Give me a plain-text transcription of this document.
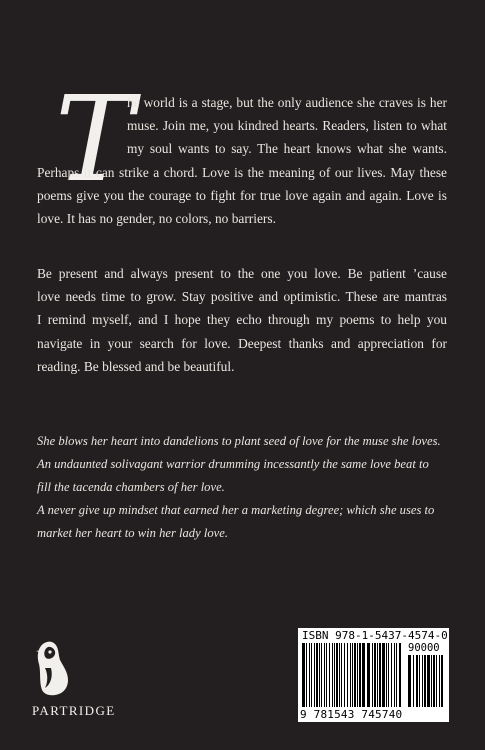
T
he world is a stage, but the only audience she craves is her
muse. Join me, you kindred hearts. Readers, listen to what
my soul wants to say. The heart knows what she wants.
Perhaps it can strike a chord. Love is the meaning of our lives. May these
poems give you the courage to fight for true love again and again. Love is
love. It has no gender, no colors, no barriers.
Be present and always present to the one you love. Be patient ’cause
love needs time to grow. Stay positive and optimistic. These are mantras
I remind myself, and I hope they echo through my poems to help you
navigate in your search for love. Deepest thanks and appreciation for
reading. Be blessed and be beautiful.
She blows her heart into dandelions to plant seed of love for the muse she loves.
An undaunted solivagant warrior drumming incessantly the same love beat to
fill the tacenda chambers of her love.
A never give up mindset that earned her a marketing degree; which she uses to
market her heart to win her lady love.
PARTRIDGE
ISBN 978-1-5437-4574-0
90000
9 781543 745740
